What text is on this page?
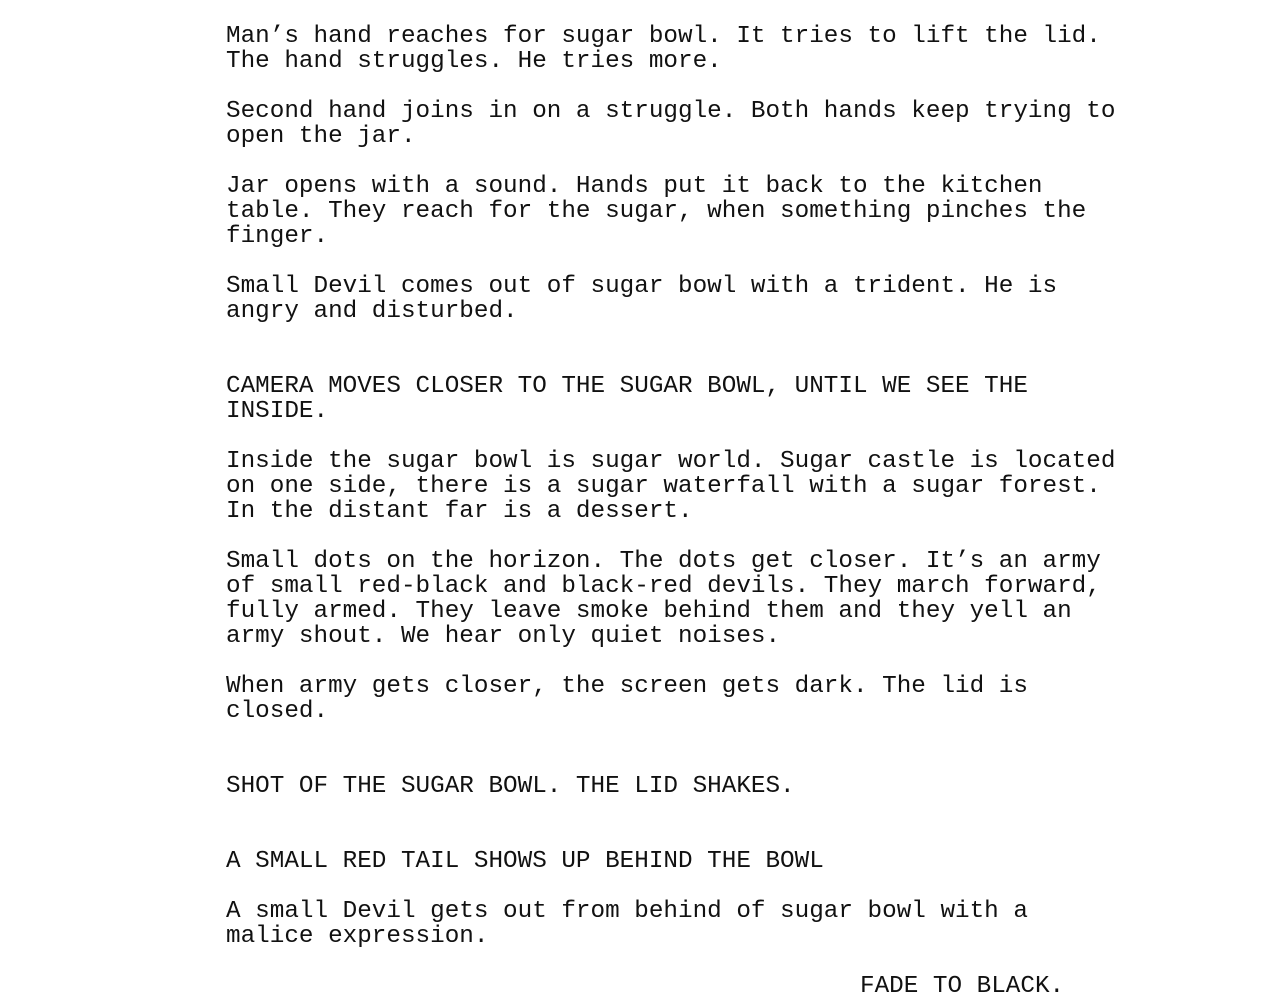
Man’s hand reaches for sugar bowl. It tries to lift the lid.

The hand struggles. He tries more.

Second hand joins in on a struggle. Both hands keep trying to

open the jar.

Jar opens with a sound. Hands put it back to the kitchen

table. They reach for the sugar, when something pinches the

finger.

Small Devil comes out of sugar bowl with a trident. He is

angry and disturbed.

CAMERA MOVES CLOSER TO THE SUGAR BOWL, UNTIL WE SEE THE

INSIDE.

Inside the sugar bowl is sugar world. Sugar castle is located

on one side, there is a sugar waterfall with a sugar forest.

In the distant far is a dessert.

Small dots on the horizon. The dots get closer. It’s an army

of small red-black and black-red devils. They march forward,

fully armed. They leave smoke behind them and they yell an

army shout. We hear only quiet noises.

When army gets closer, the screen gets dark. The lid is

closed.

SHOT OF THE SUGAR BOWL. THE LID SHAKES.

A SMALL RED TAIL SHOWS UP BEHIND THE BOWL

A small Devil gets out from behind of sugar bowl with a

malice expression.

FADE TO BLACK.
